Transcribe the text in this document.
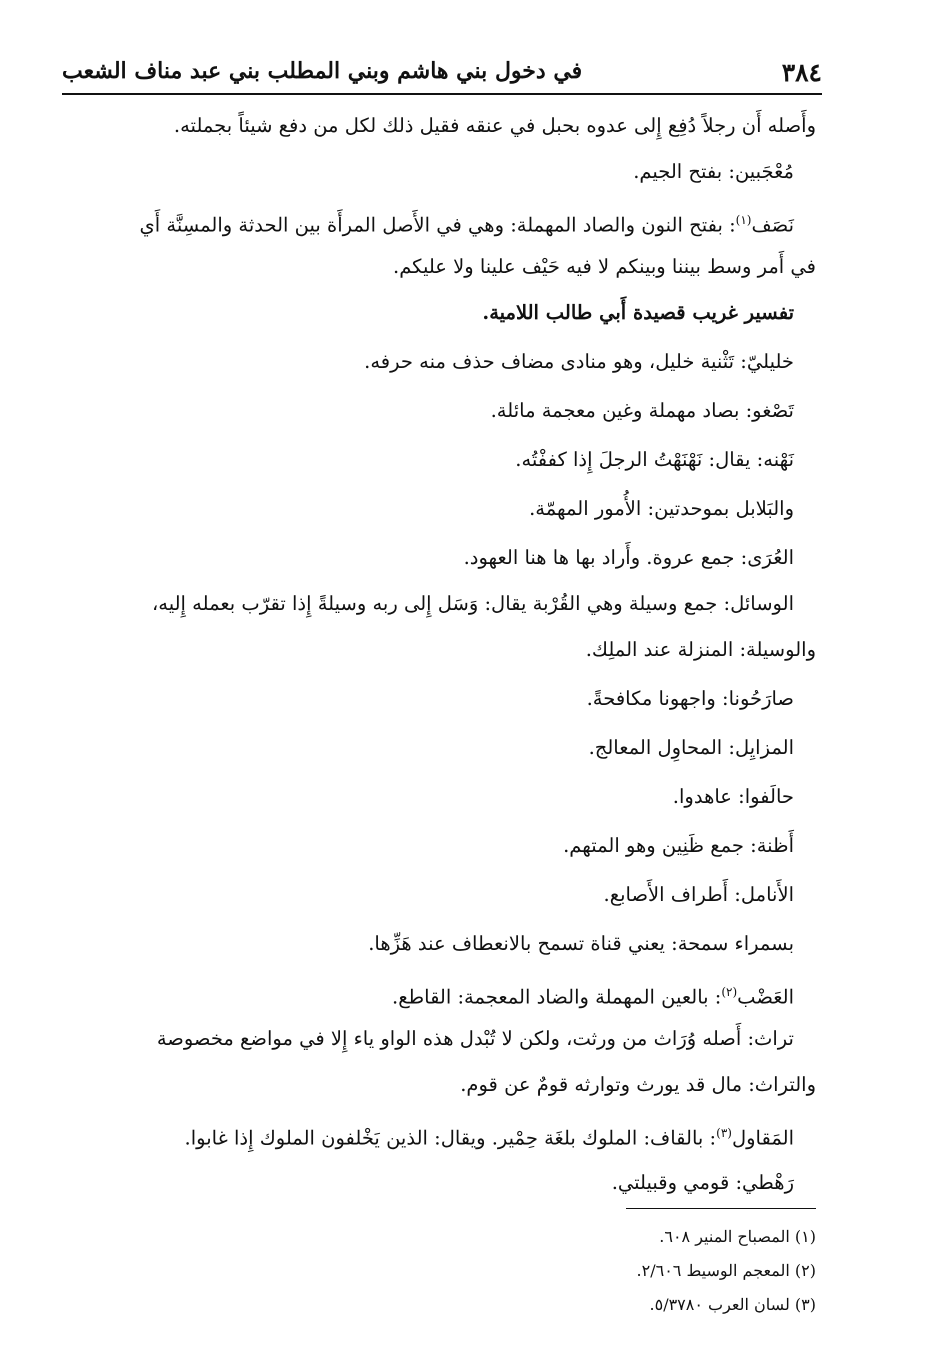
٣٨٤
في دخول بني هاشم وبني المطلب بني عبد مناف الشعب
وأَصله أَن رجلاً دُفِع إِلى عدوه بحبل في عنقه فقيل ذلك لكل من دفع شيئاً بجملته.
مُعْجَبين: بفتح الجيم.
نَصَف$^{(١)}$: بفتح النون والصاد المهملة: وهي في الأَصل المرأَة بين الحدثة والمسِنَّة أَي
في أَمر وسط بيننا وبينكم لا فيه حَيْف علينا ولا عليكم.
تفسير غريب قصيدة أَبي طالب اللامية.
خليليّ: تَثْنية خليل، وهو منادى مضاف حذف منه حرفه.
تَصْغو: بصاد مهملة وغين معجمة مائلة.
نَهْنه: يقال: نَهْنَهْتُ الرجلَ إِذا كففْتُه.
والبَلابل بموحدتين: الأُمور المهمّة.
العُرَى: جمع عروة. وأَراد بها ها هنا العهود.
الوسائل: جمع وسيلة وهي القُرْبة يقال: وَسَل إِلى ربه وسيلةً إِذا تقرّب بعمله إِليه،
والوسيلة: المنزلة عند الملِك.
صارَحُونا: واجهونا مكافحةً.
المزايِل: المحاوِل المعالج.
حالَفوا: عاهدوا.
أَظنة: جمع ظَنِين وهو المتهم.
الأَنامل: أَطراف الأَصابع.
بسمراء سمحة: يعني قناة تسمح بالانعطاف عند هَزِّها.
العَضْب$^{(٢)}$: بالعين المهملة والضاد المعجمة: القاطع.
تراث: أَصله وُرَاث من ورثت، ولكن لا تُبْدل هذه الواو ياء إِلا في مواضع مخصوصة
والتراث: مال قد يورث وتوارثه قومٌ عن قوم.
المَقاول$^{(٣)}$: بالقاف: الملوك بلغَة حِمْير. ويقال: الذين يَخْلفون الملوك إِذا غابوا.
رَهْطي: قومي وقبيلتي.
(١) المصباح المنير ٦٠٨.
(٢) المعجم الوسيط ٢/٦٠٦.
(٣) لسان العرب ٥/٣٧٨٠.
